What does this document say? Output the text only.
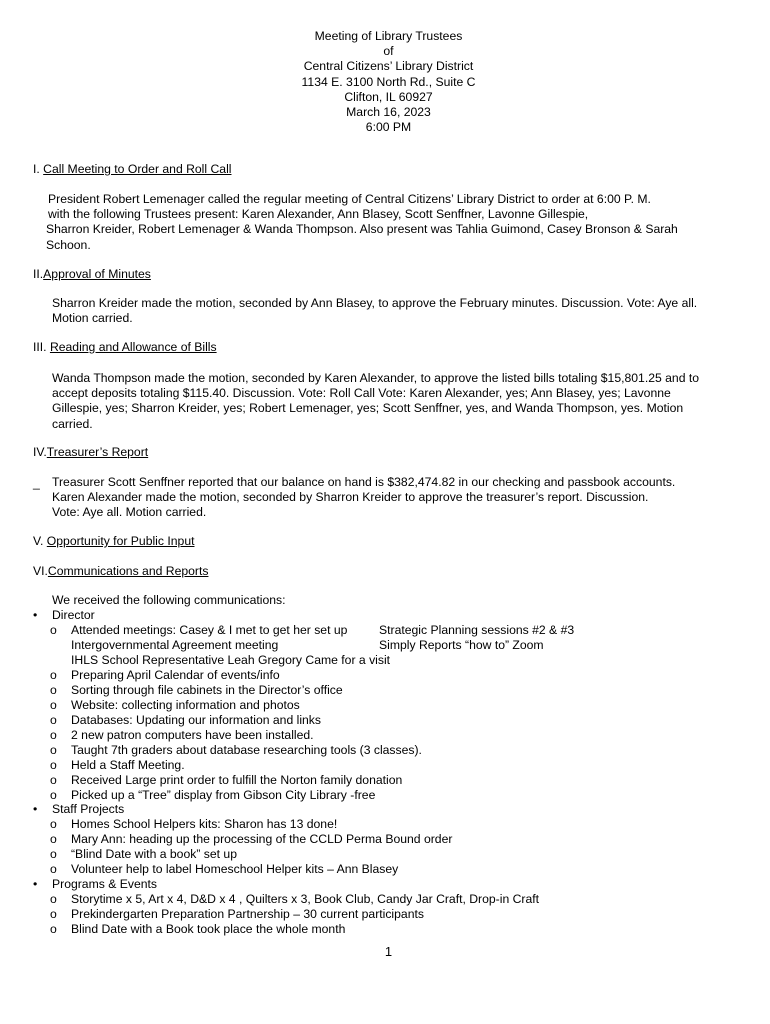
Meeting of Library Trustees
of
Central Citizens’ Library District
1134 E. 3100 North Rd., Suite C
Clifton, IL 60927
March 16, 2023
6:00 PM
I. Call Meeting to Order and Roll Call
President Robert Lemenager called the regular meeting of Central Citizens’ Library District to order at 6:00 P. M.
with the following Trustees present: Karen Alexander, Ann Blasey, Scott Senffner, Lavonne Gillespie,
Sharron Kreider, Robert Lemenager & Wanda Thompson. Also present was Tahlia Guimond, Casey Bronson & Sarah
Schoon.
II.Approval of Minutes
Sharron Kreider made the motion, seconded by Ann Blasey, to approve the February minutes. Discussion. Vote: Aye all.
Motion carried.
III. Reading and Allowance of Bills
Wanda Thompson made the motion, seconded by Karen Alexander, to approve the listed bills totaling $15,801.25 and to
accept deposits totaling $115.40. Discussion. Vote: Roll Call Vote: Karen Alexander, yes; Ann Blasey, yes; Lavonne
Gillespie, yes; Sharron Kreider, yes; Robert Lemenager, yes; Scott Senffner, yes, and Wanda Thompson, yes. Motion
carried.
IV.Treasurer’s Report
_ Treasurer Scott Senffner reported that our balance on hand is $382,474.82 in our checking and passbook accounts.
Karen Alexander made the motion, seconded by Sharron Kreider to approve the treasurer’s report. Discussion.
Vote: Aye all. Motion carried.
V. Opportunity for Public Input
VI.Communications and Reports
We received the following communications:
• Director
o Attended meetings: Casey & I met to get her set up	Strategic Planning sessions #2 & #3
Intergovernmental Agreement meeting	Simply Reports “how to” Zoom
IHLS School Representative Leah Gregory Came for a visit
o Preparing April Calendar of events/info
o Sorting through file cabinets in the Director’s office
o Website: collecting information and photos
o Databases: Updating our information and links
o 2 new patron computers have been installed.
o Taught 7th graders about database researching tools (3 classes).
o Held a Staff Meeting.
o Received Large print order to fulfill the Norton family donation
o Picked up a “Tree” display from Gibson City Library -free
• Staff Projects
o Homes School Helpers kits: Sharon has 13 done!
o Mary Ann: heading up the processing of the CCLD Perma Bound order
o “Blind Date with a book” set up
o Volunteer help to label Homeschool Helper kits – Ann Blasey
• Programs & Events
o Storytime x 5, Art x 4, D&D x 4 , Quilters x 3, Book Club, Candy Jar Craft, Drop-in Craft
o Prekindergarten Preparation Partnership – 30 current participants
o Blind Date with a Book took place the whole month
1
